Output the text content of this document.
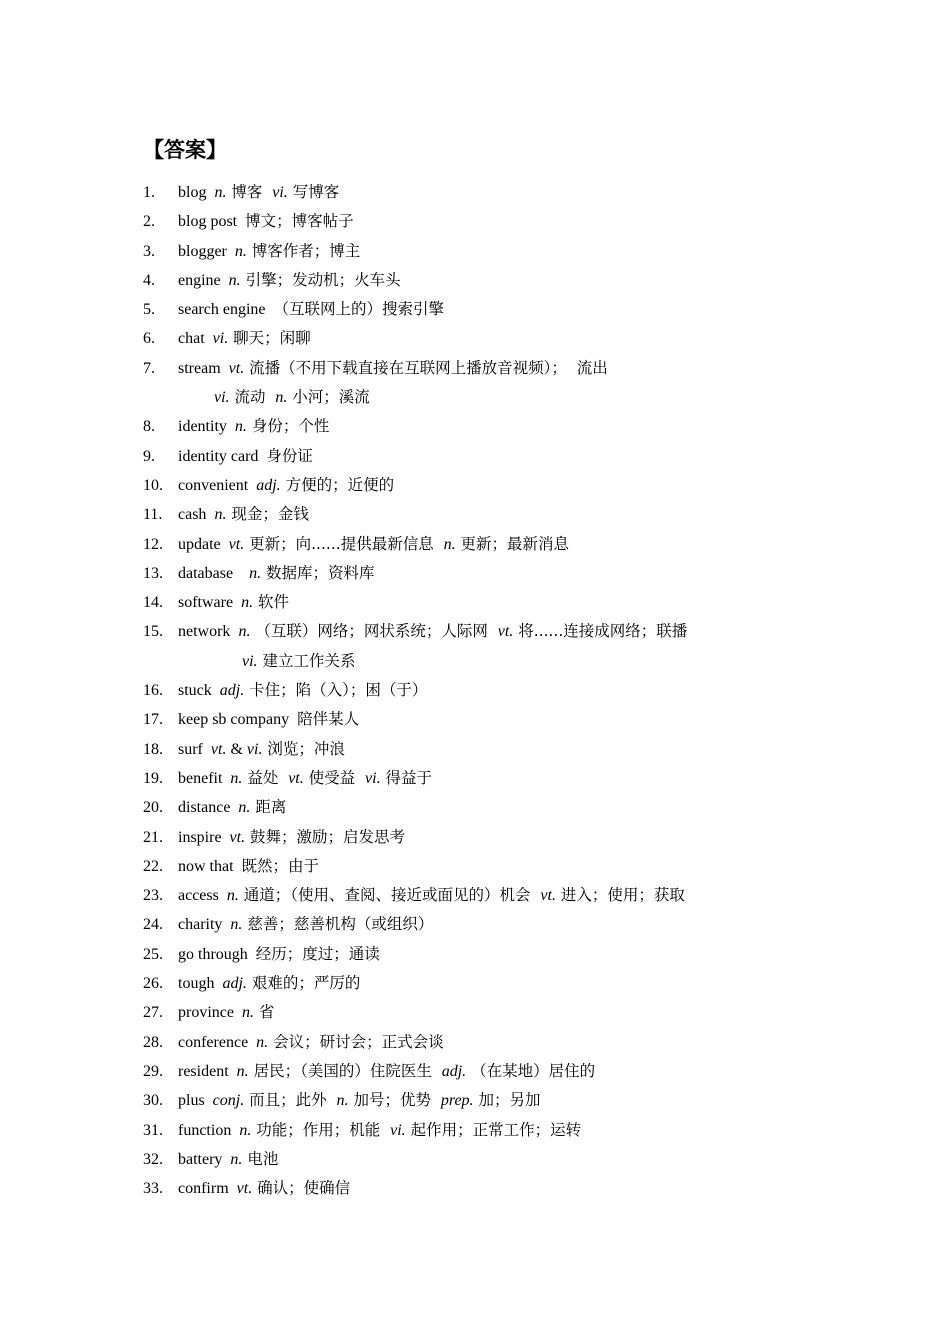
【答案】
1. blog  n. 博客  vi. 写博客
2. blog post  博文；博客帖子
3. blogger  n. 博客作者；博主
4. engine  n. 引擎；发动机；火车头
5. search engine  （互联网上的）搜索引擎
6. chat  vi. 聊天；闲聊
7. stream  vt. 流播（不用下载直接在互联网上播放音视频）；  流出
vi. 流动  n. 小河；溪流
8. identity  n. 身份；个性
9. identity card  身份证
10. convenient  adj. 方便的；近便的
11. cash  n. 现金；金钱
12. update  vt. 更新；向......提供最新信息  n. 更新；最新消息
13. database    n. 数据库；资料库
14. software  n. 软件
15. network  n. （互联）网络；网状系统；人际网  vt. 将......连接成网络；联播
vi. 建立工作关系
16. stuck  adj. 卡住；陷（入）；困（于）
17. keep sb company  陪伴某人
18. surf  vt. & vi. 浏览；冲浪
19. benefit  n. 益处  vt. 使受益  vi. 得益于
20. distance  n. 距离
21. inspire  vt. 鼓舞；激励；启发思考
22. now that  既然；由于
23. access  n. 通道；（使用、查阅、接近或面见的）机会  vt. 进入；使用；获取
24. charity  n. 慈善；慈善机构（或组织）
25. go through  经历；度过；通读
26. tough  adj. 艰难的；严厉的
27. province  n. 省
28. conference  n. 会议；研讨会；正式会谈
29. resident  n. 居民；（美国的）住院医生  adj. （在某地）居住的
30. plus  conj. 而且；此外  n. 加号；优势  prep. 加；另加
31. function  n. 功能；作用；机能  vi. 起作用；正常工作；运转
32. battery  n. 电池
33. confirm  vt. 确认；使确信
